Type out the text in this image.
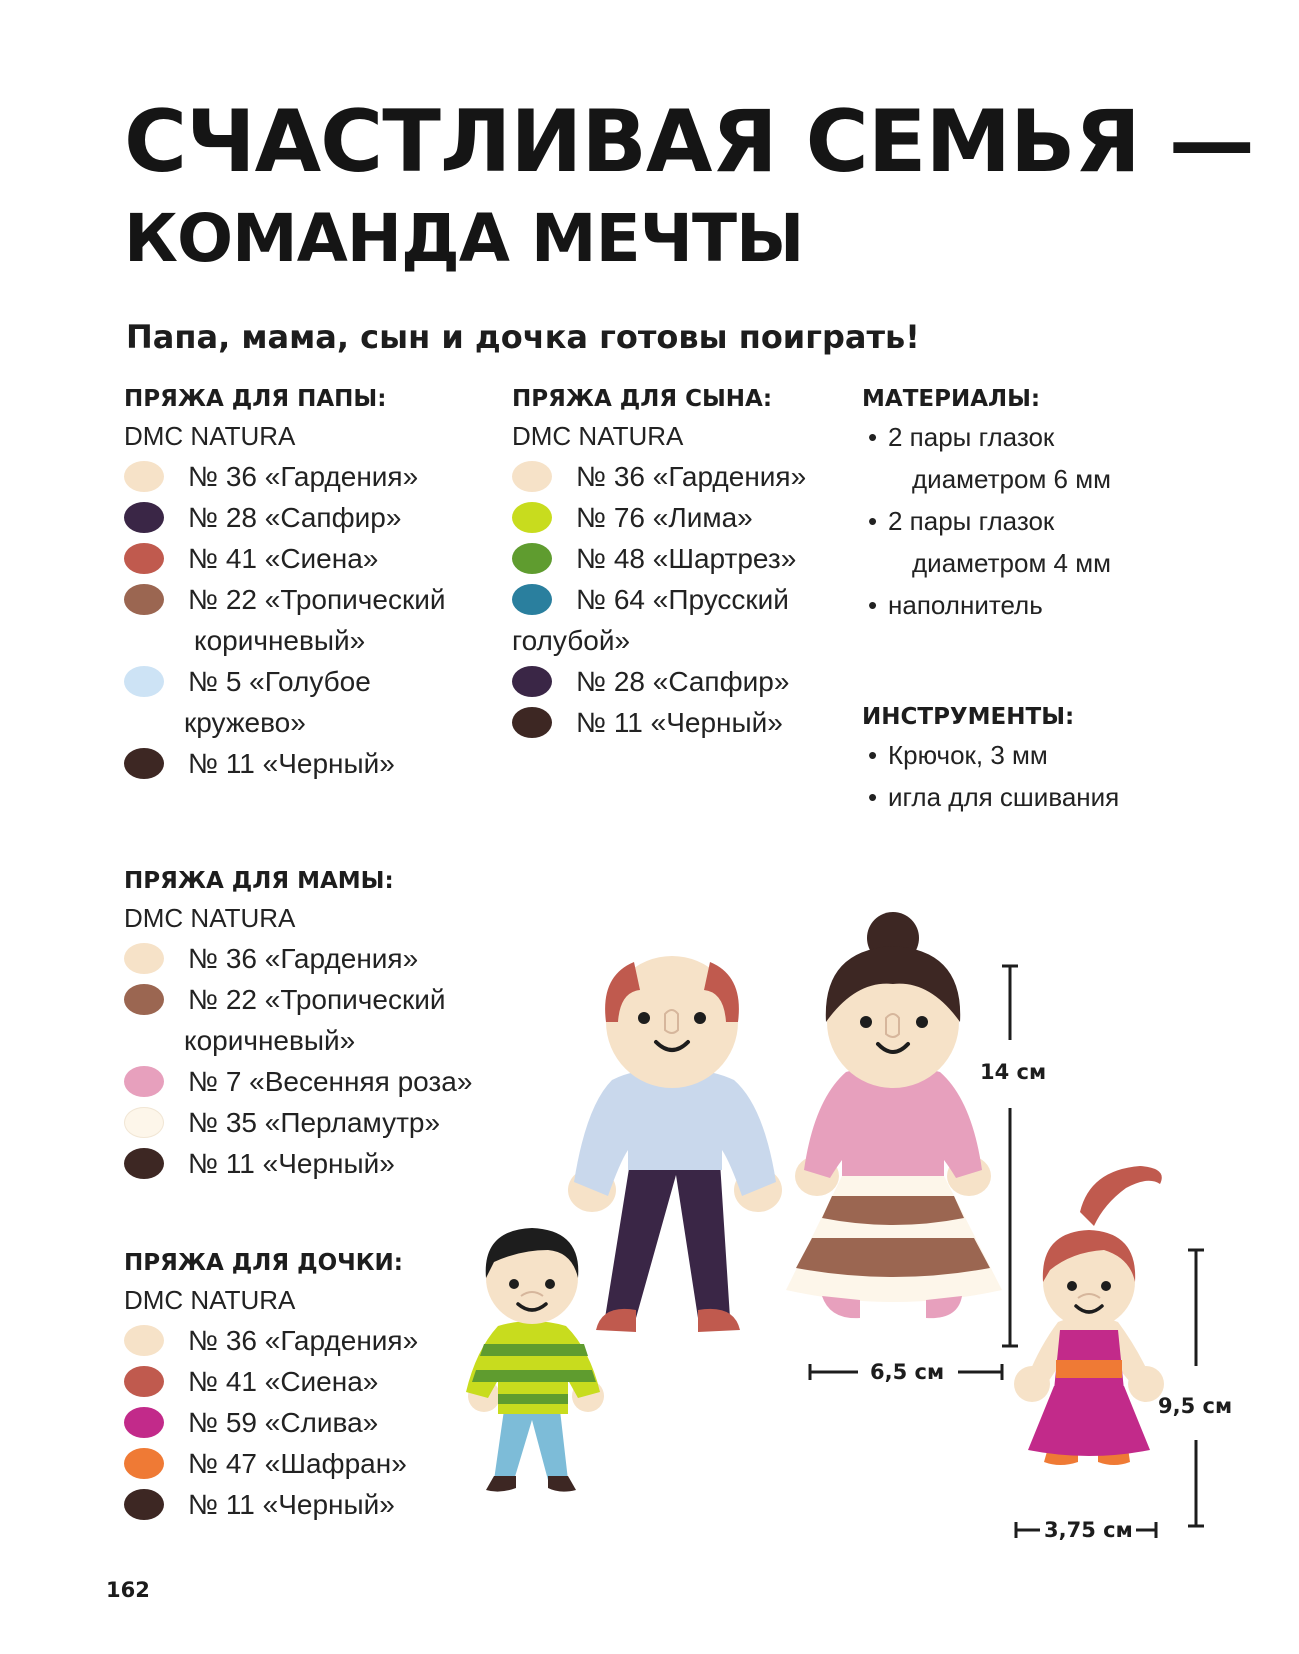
СЧАСТЛИВАЯ СЕМЬЯ —
КОМАНДА МЕЧТЫ

Папа, мама, сын и дочка готовы поиграть!

ПРЯЖА ДЛЯ ПАПЫ:
DMC NATURA
№ 36 «Гардения»
№ 28 «Сапфир»
№ 41 «Сиена»
№ 22 «Тропический
коричневый»
№ 5 «Голубое
кружево»
№ 11 «Черный»
ПРЯЖА ДЛЯ СЫНА:
DMC NATURA
№ 36 «Гардения»
№ 76 «Лима»
№ 48 «Шартрез»
№ 64 «Прусский
голубой»
№ 28 «Сапфир»
№ 11 «Черный»
МАТЕРИАЛЫ:
• 2 пары глазок
диаметром 6 мм
• 2 пары глазок
диаметром 4 мм
• наполнитель
ИНСТРУМЕНТЫ:
• Крючок, 3 мм
• игла для сшивания
ПРЯЖА ДЛЯ МАМЫ:
DMC NATURA
№ 36 «Гардения»
№ 22 «Тропический
коричневый»
№ 7 «Весенняя роза»
№ 35 «Перламутр»
№ 11 «Черный»
ПРЯЖА ДЛЯ ДОЧКИ:
DMC NATURA
№ 36 «Гардения»
№ 41 «Сиена»
№ 59 «Слива»
№ 47 «Шафран»
№ 11 «Черный»
14 см
6,5 см
9,5 см
3,75 см
162
